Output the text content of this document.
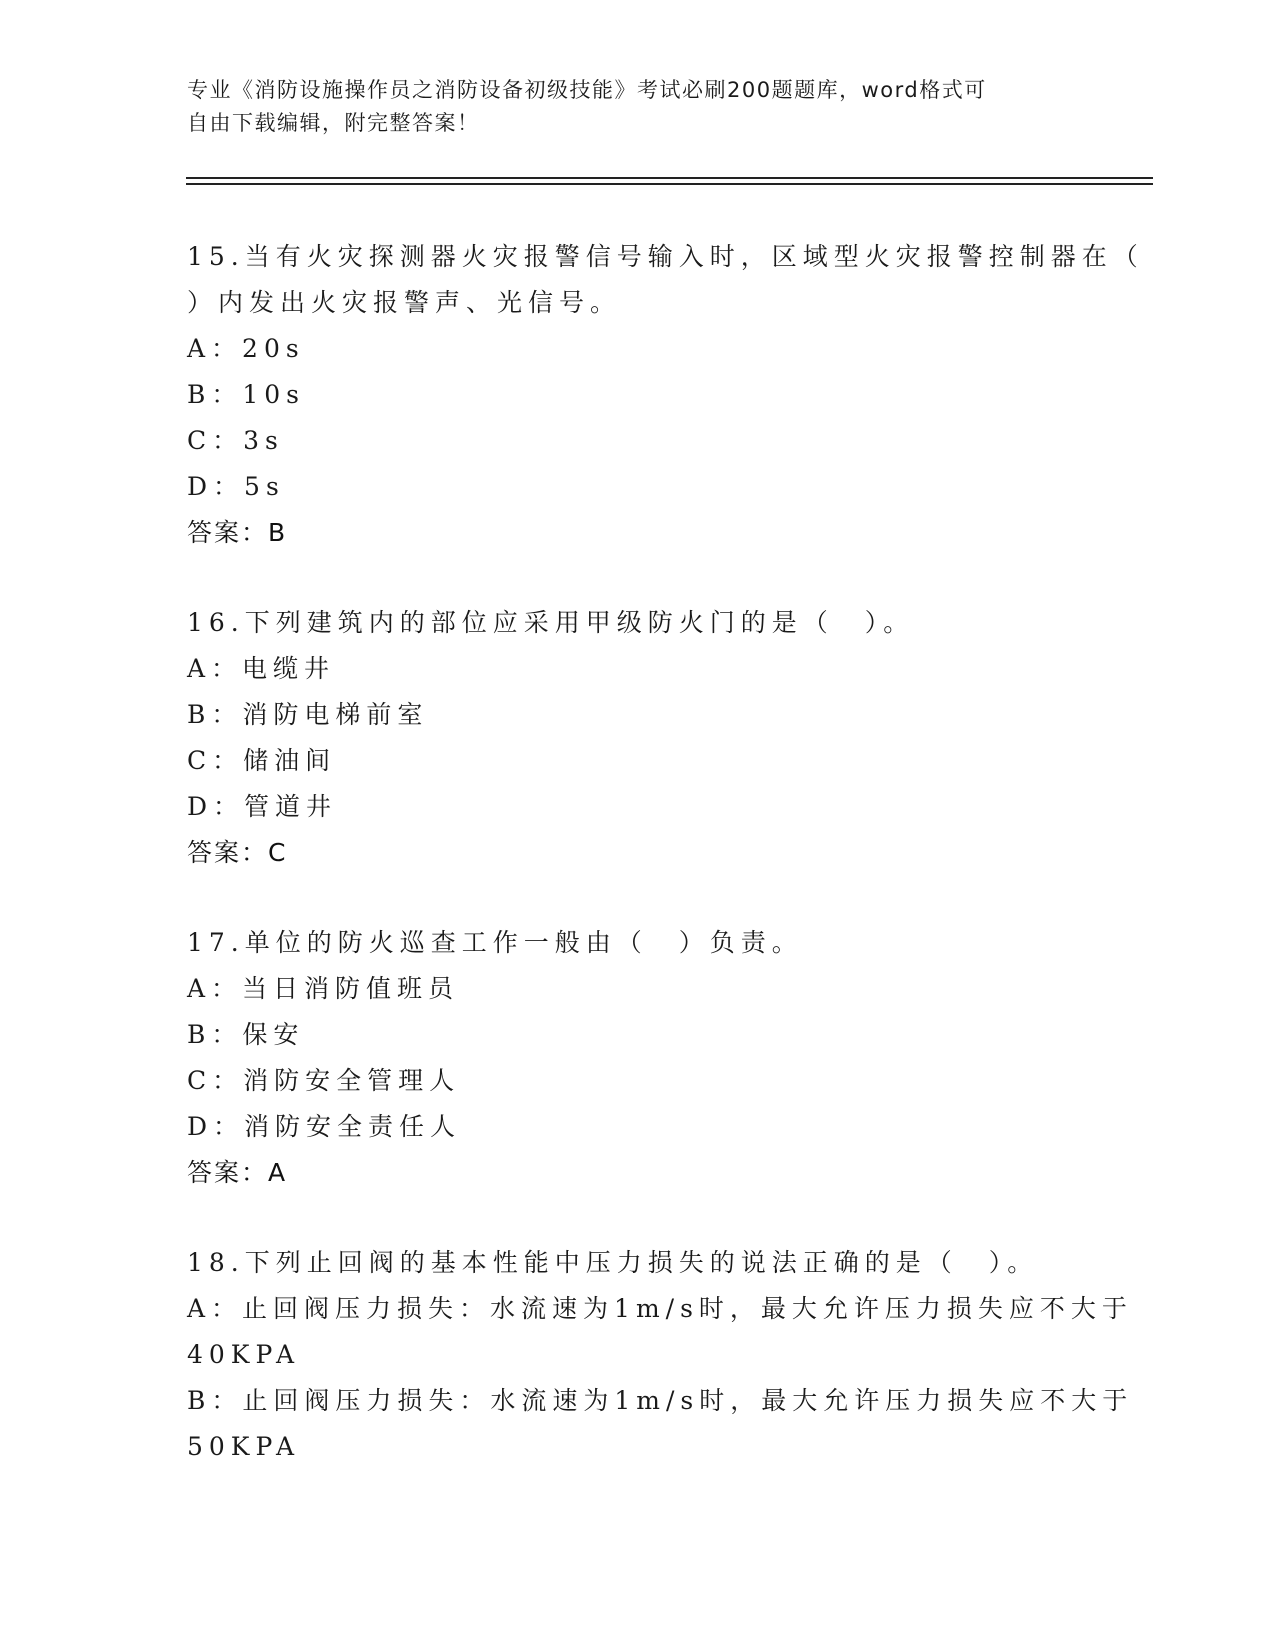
专业《消防设施操作员之消防设备初级技能》考试必刷200题题库，word格式可
自由下载编辑，附完整答案！
15.当有火灾探测器火灾报警信号输入时，区域型火灾报警控制器在（
）内发出火灾报警声、光信号。
A：20s
B：10s
C：3s
D：5s
答案：B
16.下列建筑内的部位应采用甲级防火门的是（　）。
A：电缆井
B：消防电梯前室
C：储油间
D：管道井
答案：C
17.单位的防火巡查工作一般由（　）负责。
A：当日消防值班员
B：保安
C：消防安全管理人
D：消防安全责任人
答案：A
18.下列止回阀的基本性能中压力损失的说法正确的是（　）。
A：止回阀压力损失：水流速为1m/s时，最大允许压力损失应不大于
40KPA
B：止回阀压力损失：水流速为1m/s时，最大允许压力损失应不大于
50KPA
